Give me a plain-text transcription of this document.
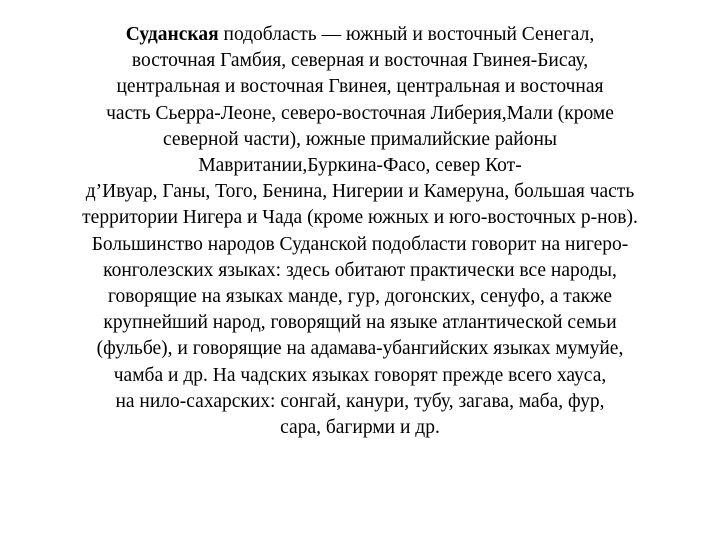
Суданская подобласть — южный и восточный Сенегал,
восточная Гамбия, северная и восточная Гвинея-Бисау,
центральная и восточная Гвинея, центральная и восточная
часть Сьерра-Леоне, северо-восточная Либерия,Мали (кроме
северной части), южные прималийские районы
Мавритании,Буркина-Фасо, север Кот-
д’Ивуар, Ганы, Того, Бенина, Нигерии и Камеруна, большая часть
территории Нигера и Чада (кроме южных и юго-восточных р-нов).
Большинство народов Суданской подобласти говорит на нигеро-
конголезских языках: здесь обитают практически все народы,
говорящие на языках манде, гур, догонских, сенуфо, а также
крупнейший народ, говорящий на языке атлантической семьи
(фульбе), и говорящие на адамава-убангийских языках мумуйе,
чамба и др. На чадских языках говорят прежде всего хауса,
на нило-сахарских: сонгай, канури, тубу, загава, маба, фур,
сара, багирми и др.
